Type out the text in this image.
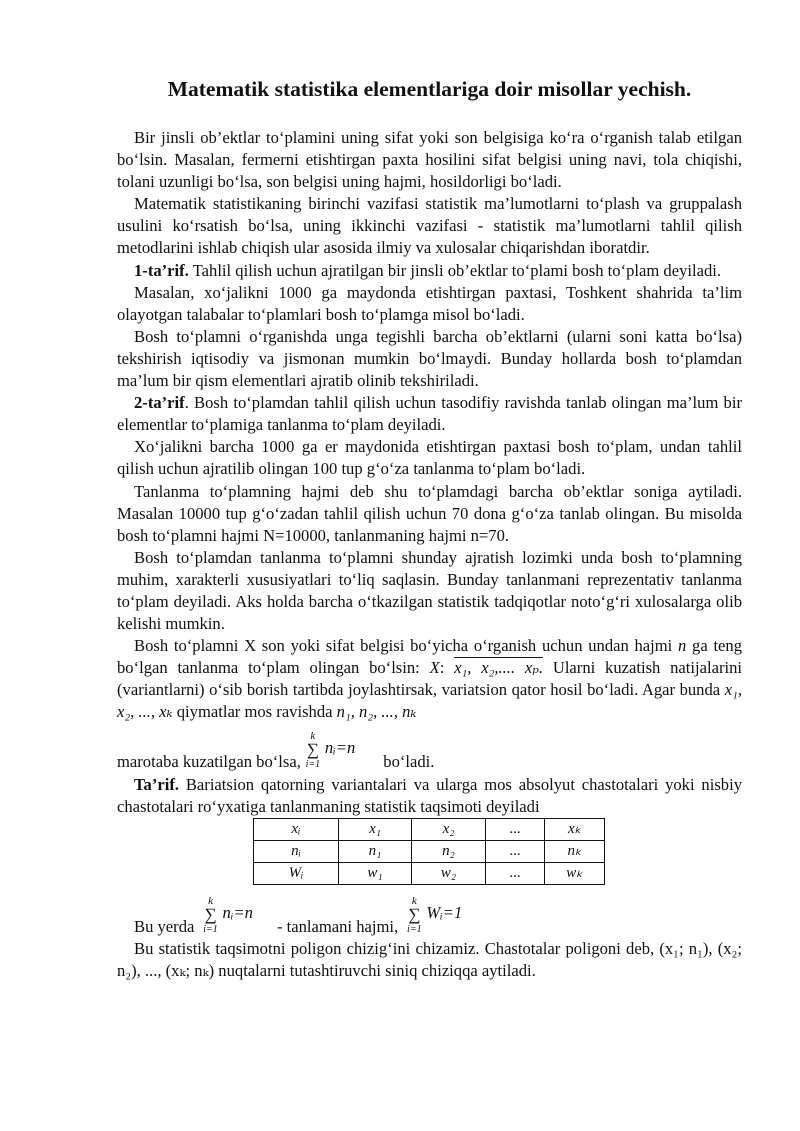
Matematik statistika elementlariga doir misollar yechish.

Bir jinsli ob’ektlar to‘plamini uning sifat yoki son belgisiga ko‘ra o‘rganish talab etilgan bo‘lsin. Masalan, fermerni etishtirgan paxta hosilini sifat belgisi uning navi, tola chiqishi, tolani uzunligi bo‘lsa, son belgisi uning hajmi, hosildorligi bo‘ladi.

Matematik statistikaning birinchi vazifasi statistik ma’lumotlarni to‘plash va gruppalash usulini ko‘rsatish bo‘lsa, uning ikkinchi vazifasi - statistik ma’lumotlarni tahlil qilish metodlarini ishlab chiqish ular asosida ilmiy va xulosalar chiqarishdan iboratdir.

1-ta’rif. Tahlil qilish uchun ajratilgan bir jinsli ob’ektlar to‘plami bosh to‘plam deyiladi.

Masalan, xo‘jalikni 1000 ga maydonda etishtirgan paxtasi, Toshkent shahrida ta’lim olayotgan talabalar to‘plamlari bosh to‘plamga misol bo‘ladi.

Bosh to‘plamni o‘rganishda unga tegishli barcha ob’ektlarni (ularni soni katta bo‘lsa) tekshirish iqtisodiy va jismonan mumkin bo‘lmaydi. Bunday hollarda bosh to‘plamdan ma’lum bir qism elementlari ajratib olinib tekshiriladi.

2-ta’rif. Bosh to‘plamdan tahlil qilish uchun tasodifiy ravishda tanlab olingan ma’lum bir elementlar to‘plamiga tanlanma to‘plam deyiladi.

Xo‘jalikni barcha 1000 ga er maydonida etishtirgan paxtasi bosh to‘plam, undan tahlil qilish uchun ajratilib olingan 100 tup g‘o‘za tanlanma to‘plam bo‘ladi.

Tanlanma to‘plamning hajmi deb shu to‘plamdagi barcha ob’ektlar soniga aytiladi. Masalan 10000 tup g‘o‘zadan tahlil qilish uchun 70 dona g‘o‘za tanlab olingan. Bu misolda bosh to‘plamni hajmi N=10000, tanlanmaning hajmi n=70.

Bosh to‘plamdan tanlanma to‘plamni shunday ajratish lozimki unda bosh to‘plamning muhim, xarakterli xususiyatlari to‘liq saqlasin. Bunday tanlanmani reprezentativ tanlanma to‘plam deyiladi. Aks holda barcha o‘tkazilgan statistik tadqiqotlar noto‘g‘ri xulosalarga olib kelishi mumkin.

Bosh to‘plamni X son yoki sifat belgisi bo‘yicha o‘rganish uchun undan hajmi n ga teng bo‘lgan tanlanma to‘plam olingan bo‘lsin: X: x₁, x₂,.... xₚ. Ularni kuzatish natijalarini (variantlarni) o‘sib borish tartibda joylashtirsak, variatsion qator hosil bo‘ladi. Agar bunda x₁, x₂, ..., xₖ qiymatlar mos ravishda n₁, n₂, ..., nₖ

marotaba kuzatilgan bo‘lsa,
k
∑
i=1
nᵢ=nbo‘ladi.

Ta’rif. Bariatsion qatorning variantalari va ularga mos absolyut chastotalari yoki nisbiy chastotalari ro‘yxatiga tanlanmaning statistik taqsimoti deyiladi

xᵢ	x₁	x₂	...	xₖ
nᵢ	n₁	n₂	...	nₖ
Wᵢ	w₁	w₂	...	wₖ
Bu yerda
k
∑
i=1
nᵢ=n- tanlamani hajmi,
k
∑
i=1
Wᵢ=1

Bu statistik taqsimotni poligon chizig‘ini chizamiz. Chastotalar poligoni deb, (x₁; n₁), (x₂; n₂), ..., (xₖ; nₖ) nuqtalarni tutashtiruvchi siniq chiziqqa aytiladi.
